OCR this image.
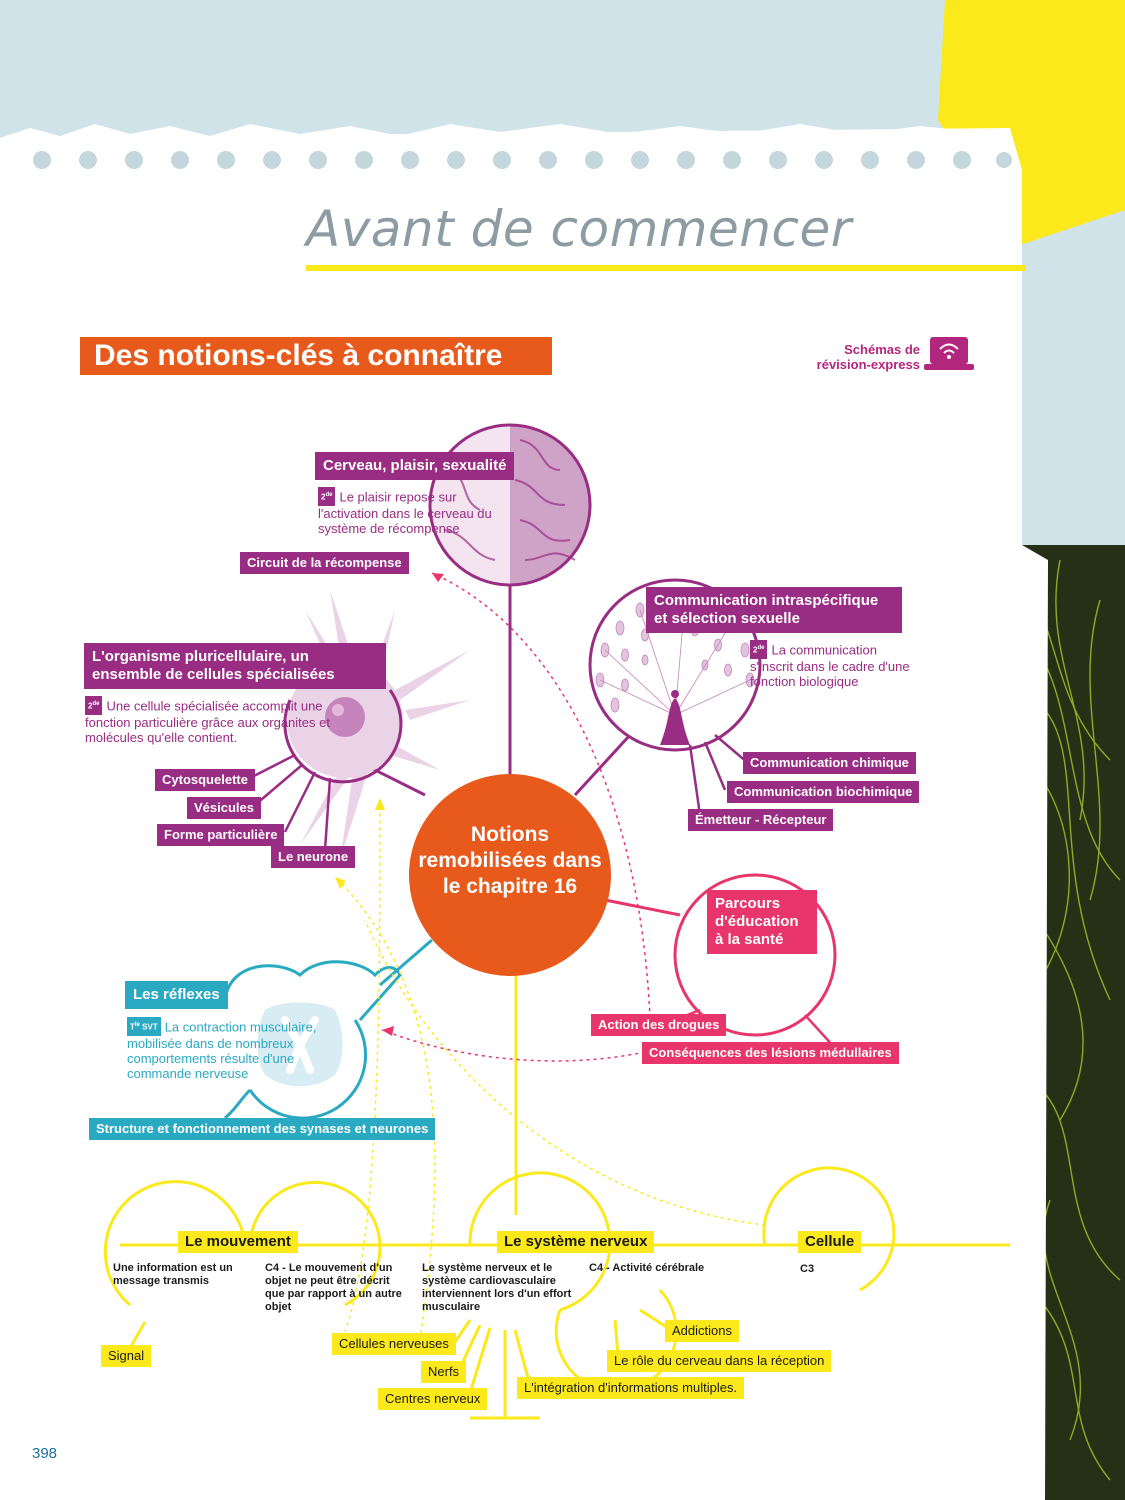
Avant de commencer
Des notions-clés à connaître	Schémas de
révision-express
Notions remobilisées dans le chapitre 16
Cerveau, plaisir, sexualité
2de Le plaisir repose sur l'activation dans le cerveau du système de récompense
Circuit de la récompense
L'organisme pluricellulaire, un ensemble de cellules spécialisées
2de Une cellule spécialisée accomplit une fonction particulière grâce aux organites et molécules qu'elle contient.
Cytosquelette
Vésicules
Forme particulière
Le neurone
Communication intraspécifique et sélection sexuelle
2de La communication s'inscrit dans le cadre d'une fonction biologique
Communication chimique
Communication biochimique
Émetteur - Récepteur
Parcours d'éducation à la santé
Action des drogues
Conséquences des lésions médullaires
Les réflexes
$T^{le}$ SVT La contraction musculaire, mobilisée dans de nombreux comportements résulte d'une commande nerveuse
Structure et fonctionnement des synases et neurones
Le mouvement
Une information est un message transmis
C4 - Le mouvement d'un objet ne peut être décrit que par rapport à un autre objet
Signal
Le système nerveux
Le système nerveux et le système cardiovasculaire interviennent lors d'un effort musculaire
C4 - Activité cérébrale
Cellules nerveuses
Nerfs
Centres nerveux
L'intégration d'informations multiples.
Le rôle du cerveau dans la réception
Addictions
Cellule
C3
398
